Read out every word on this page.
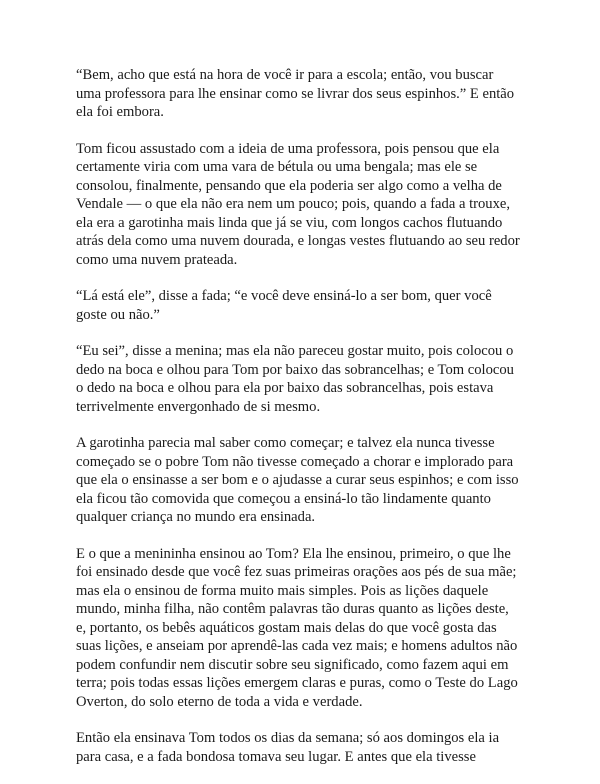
“Bem, acho que está na hora de você ir para a escola; então, vou buscar
uma professora para lhe ensinar como se livrar dos seus espinhos.” E então
ela foi embora.

Tom ficou assustado com a ideia de uma professora, pois pensou que ela
certamente viria com uma vara de bétula ou uma bengala; mas ele se
consolou, finalmente, pensando que ela poderia ser algo como a velha de
Vendale — o que ela não era nem um pouco; pois, quando a fada a trouxe,
ela era a garotinha mais linda que já se viu, com longos cachos flutuando
atrás dela como uma nuvem dourada, e longas vestes flutuando ao seu redor
como uma nuvem prateada.

“Lá está ele”, disse a fada; “e você deve ensiná-lo a ser bom, quer você
goste ou não.”

“Eu sei”, disse a menina; mas ela não pareceu gostar muito, pois colocou o
dedo na boca e olhou para Tom por baixo das sobrancelhas; e Tom colocou
o dedo na boca e olhou para ela por baixo das sobrancelhas, pois estava
terrivelmente envergonhado de si mesmo.

A garotinha parecia mal saber como começar; e talvez ela nunca tivesse
começado se o pobre Tom não tivesse começado a chorar e implorado para
que ela o ensinasse a ser bom e o ajudasse a curar seus espinhos; e com isso
ela ficou tão comovida que começou a ensiná-lo tão lindamente quanto
qualquer criança no mundo era ensinada.

E o que a menininha ensinou ao Tom? Ela lhe ensinou, primeiro, o que lhe
foi ensinado desde que você fez suas primeiras orações aos pés de sua mãe;
mas ela o ensinou de forma muito mais simples. Pois as lições daquele
mundo, minha filha, não contêm palavras tão duras quanto as lições deste,
e, portanto, os bebês aquáticos gostam mais delas do que você gosta das
suas lições, e anseiam por aprendê-las cada vez mais; e homens adultos não
podem confundir nem discutir sobre seu significado, como fazem aqui em
terra; pois todas essas lições emergem claras e puras, como o Teste do Lago
Overton, do solo eterno de toda a vida e verdade.

Então ela ensinava Tom todos os dias da semana; só aos domingos ela ia
para casa, e a fada bondosa tomava seu lugar. E antes que ela tivesse
